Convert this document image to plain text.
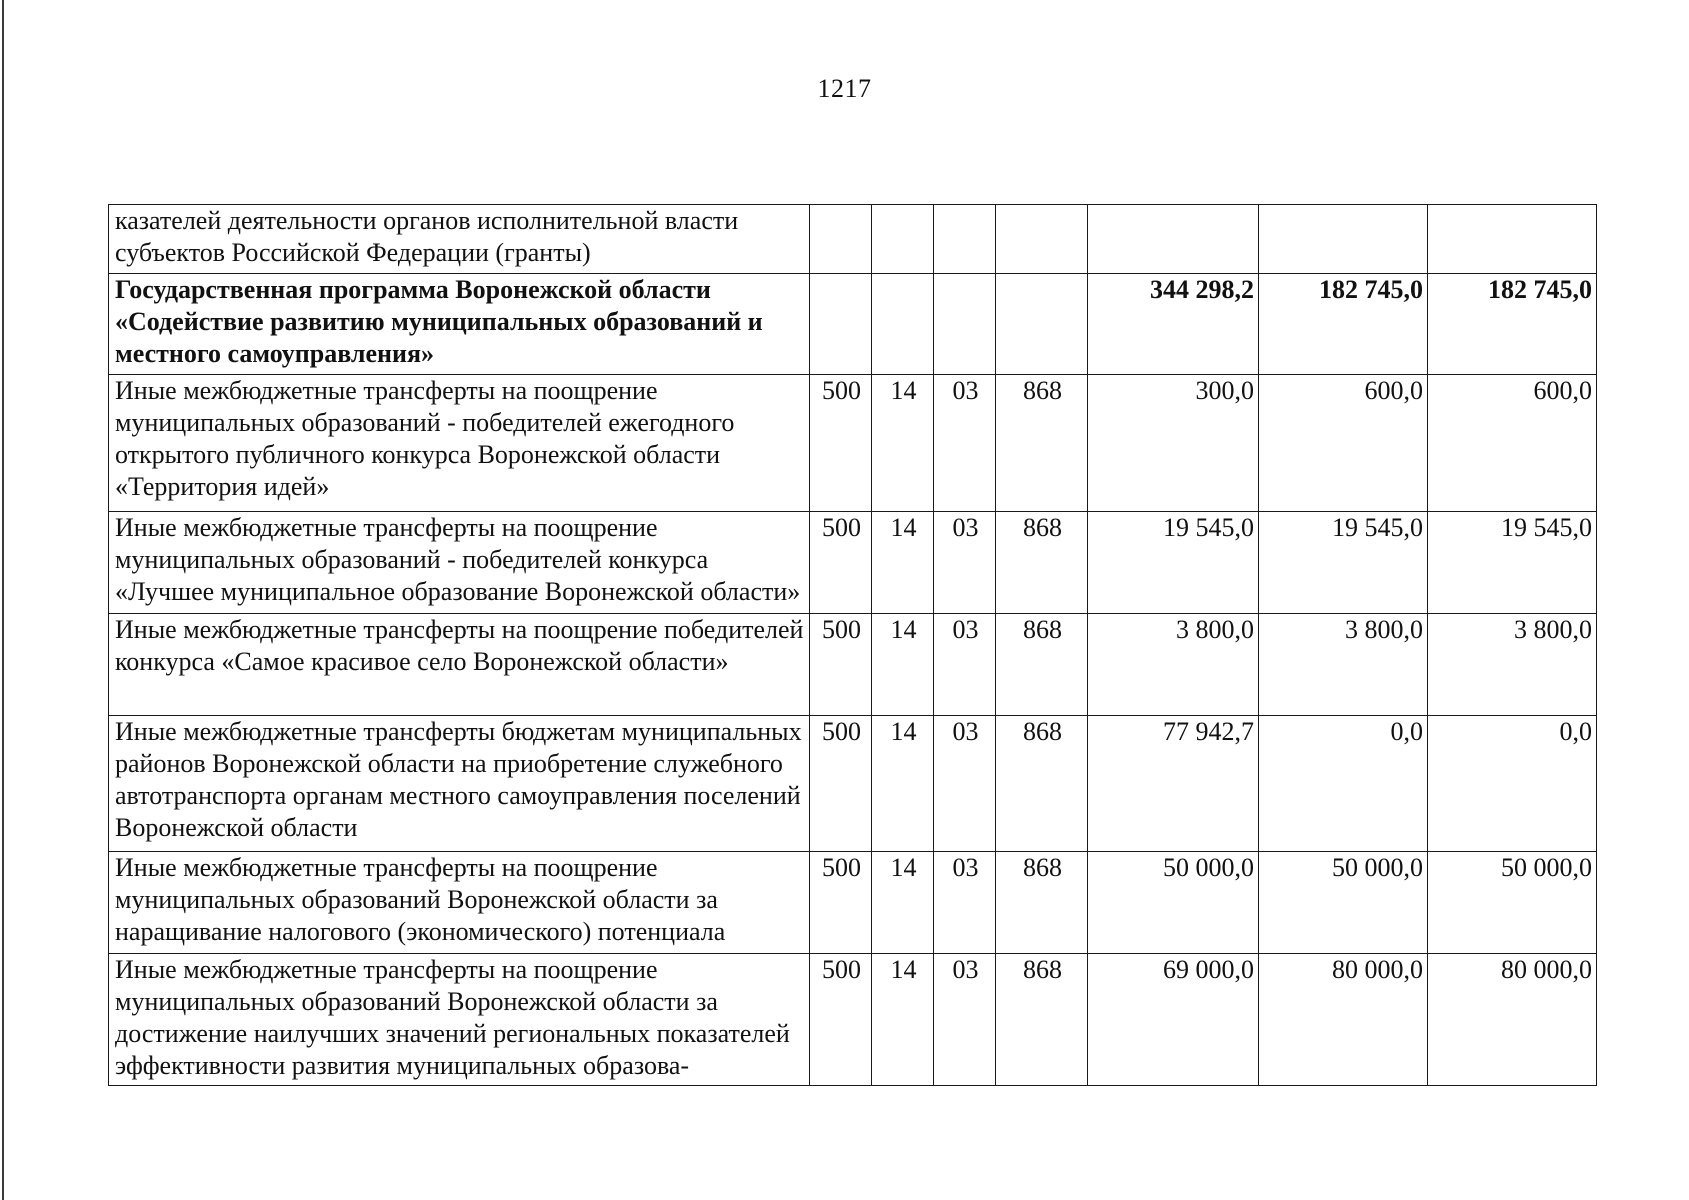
1217
казателей деятельности органов исполнительной власти субъектов Российской Федерации (гранты)							
Государственная программа Воронежской области «Содействие развитию муниципальных образований и местного самоуправления»					344 298,2	182 745,0	182 745,0
Иные межбюджетные трансферты на поощрение муниципальных образований - победителей ежегодного открытого публичного конкурса Воронежской области «Территория идей»	500	14	03	868	300,0	600,0	600,0
Иные межбюджетные трансферты на поощрение муниципальных образований - победителей конкурса «Лучшее муниципальное образование Воронежской области»	500	14	03	868	19 545,0	19 545,0	19 545,0
Иные межбюджетные трансферты на поощрение победителей конкурса «Самое красивое село Воронежской области»	500	14	03	868	3 800,0	3 800,0	3 800,0
Иные межбюджетные трансферты бюджетам муниципальных районов Воронежской области на приобретение служебного автотранспорта органам местного самоуправления поселений Воронежской области	500	14	03	868	77 942,7	0,0	0,0
Иные межбюджетные трансферты на поощрение муниципальных образований Воронежской области за наращивание налогового (экономического) потенциала	500	14	03	868	50 000,0	50 000,0	50 000,0
Иные межбюджетные трансферты на поощрение муниципальных образований Воронежской области за достижение наилучших значений региональных показателей эффективности развития муниципальных образова-	500	14	03	868	69 000,0	80 000,0	80 000,0
